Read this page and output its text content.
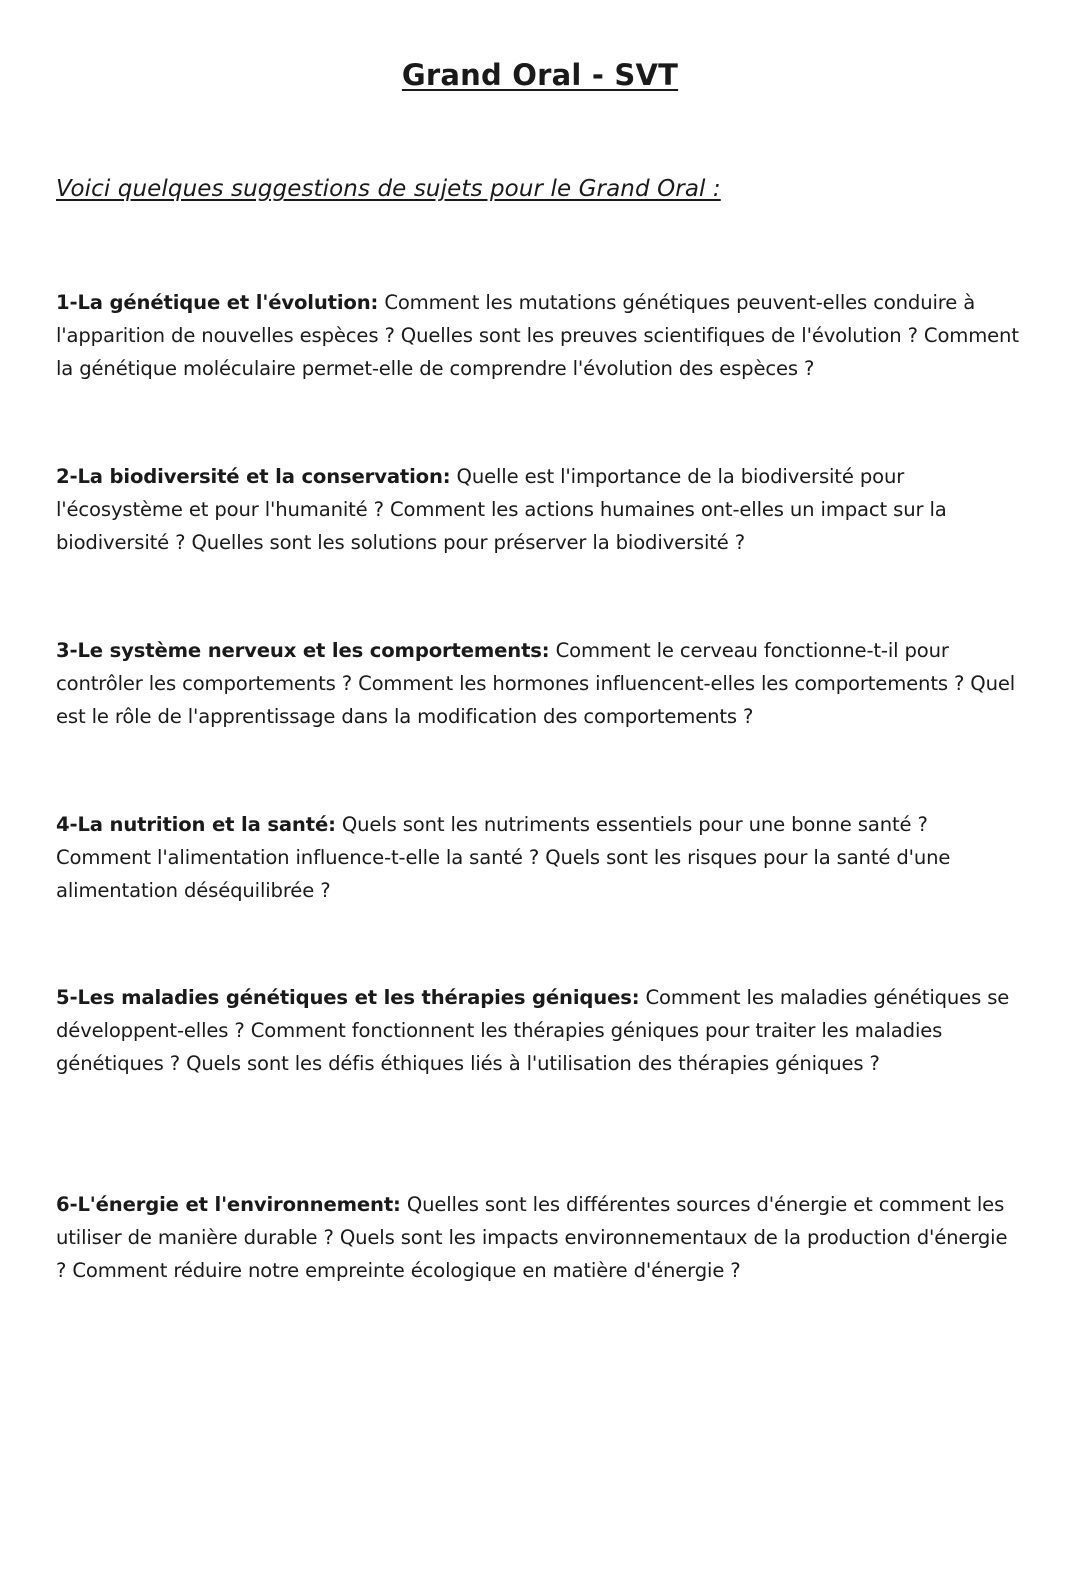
Grand Oral - SVT

Voici quelques suggestions de sujets pour le Grand Oral :

1-La génétique et l'évolution: Comment les mutations génétiques peuvent-elles conduire à l'apparition de nouvelles espèces ? Quelles sont les preuves scientifiques de l'évolution ? Comment la génétique moléculaire permet-elle de comprendre l'évolution des espèces ?

2-La biodiversité et la conservation: Quelle est l'importance de la biodiversité pour l'écosystème et pour l'humanité ? Comment les actions humaines ont-elles un impact sur la biodiversité ? Quelles sont les solutions pour préserver la biodiversité ?

3-Le système nerveux et les comportements: Comment le cerveau fonctionne-t-il pour contrôler les comportements ? Comment les hormones influencent-elles les comportements ? Quel est le rôle de l'apprentissage dans la modification des comportements ?

4-La nutrition et la santé: Quels sont les nutriments essentiels pour une bonne santé ? Comment l'alimentation influence-t-elle la santé ? Quels sont les risques pour la santé d'une alimentation déséquilibrée ?

5-Les maladies génétiques et les thérapies géniques: Comment les maladies génétiques se développent-elles ? Comment fonctionnent les thérapies géniques pour traiter les maladies génétiques ? Quels sont les défis éthiques liés à l'utilisation des thérapies géniques ?

6-L'énergie et l'environnement: Quelles sont les différentes sources d'énergie et comment les utiliser de manière durable ? Quels sont les impacts environnementaux de la production d'énergie ? Comment réduire notre empreinte écologique en matière d'énergie ?
